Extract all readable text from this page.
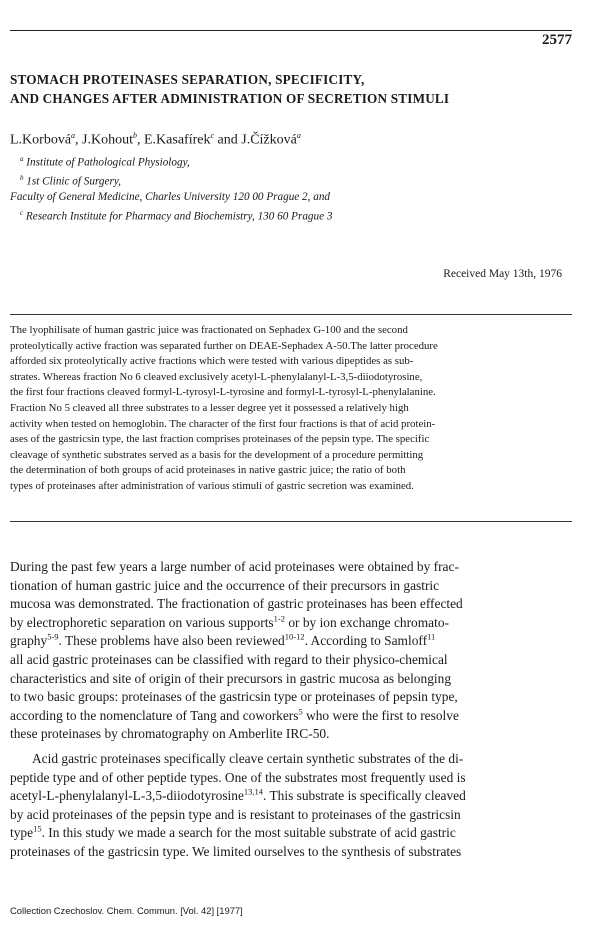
2577
STOMACH PROTEINASES SEPARATION, SPECIFICITY,
AND CHANGES AFTER ADMINISTRATION OF SECRETION STIMULI
L.Korbová$^a$, J.Kohout$^b$, E.Kasafírek$^c$ and J.Čížková$^a$
$^a$ Institute of Pathological Physiology,
$^b$ 1st Clinic of Surgery,
Faculty of General Medicine, Charles University 120 00 Prague 2, and
$^c$ Research Institute for Pharmacy and Biochemistry, 130 60 Prague 3
Received May 13th, 1976
The lyophilisate of human gastric juice was fractionated on Sephadex G-100 and the second
proteolytically active fraction was separated further on DEAE-Sephadex A-50.The latter procedure
afforded six proteolytically active fractions which were tested with various dipeptides as sub-
strates. Whereas fraction No 6 cleaved exclusively acetyl-L-phenylalanyl-L-3,5-diiodotyrosine,
the first four fractions cleaved formyl-L-tyrosyl-L-tyrosine and formyl-L-tyrosyl-L-phenylalanine.
Fraction No 5 cleaved all three substrates to a lesser degree yet it possessed a relatively high
activity when tested on hemoglobin. The character of the first four fractions is that of acid protein-
ases of the gastricsin type, the last fraction comprises proteinases of the pepsin type. The specific
cleavage of synthetic substrates served as a basis for the development of a procedure permitting
the determination of both groups of acid proteinases in native gastric juice; the ratio of both
types of proteinases after administration of various stimuli of gastric secretion was examined.
During the past few years a large number of acid proteinases were obtained by frac-
tionation of human gastric juice and the occurrence of their precursors in gastric
mucosa was demonstrated. The fractionation of gastric proteinases has been effected
by electrophoretic separation on various supports$^{1-2}$ or by ion exchange chromato-
graphy$^{5-9}$. These problems have also been reviewed$^{10-12}$. According to Samloff$^{11}$
all acid gastric proteinases can be classified with regard to their physico-chemical
characteristics and site of origin of their precursors in gastric mucosa as belonging
to two basic groups: proteinases of the gastricsin type or proteinases of pepsin type,
according to the nomenclature of Tang and coworkers$^5$ who were the first to resolve
these proteinases by chromatography on Amberlite IRC-50.
Acid gastric proteinases specifically cleave certain synthetic substrates of the di-
peptide type and of other peptide types. One of the substrates most frequently used is
acetyl-L-phenylalanyl-L-3,5-diiodotyrosine$^{13,14}$. This substrate is specifically cleaved
by acid proteinases of the pepsin type and is resistant to proteinases of the gastricsin
type$^{15}$. In this study we made a search for the most suitable substrate of acid gastric
proteinases of the gastricsin type. We limited ourselves to the synthesis of substrates
Collection Czechoslov. Chem. Commun. [Vol. 42] [1977]
